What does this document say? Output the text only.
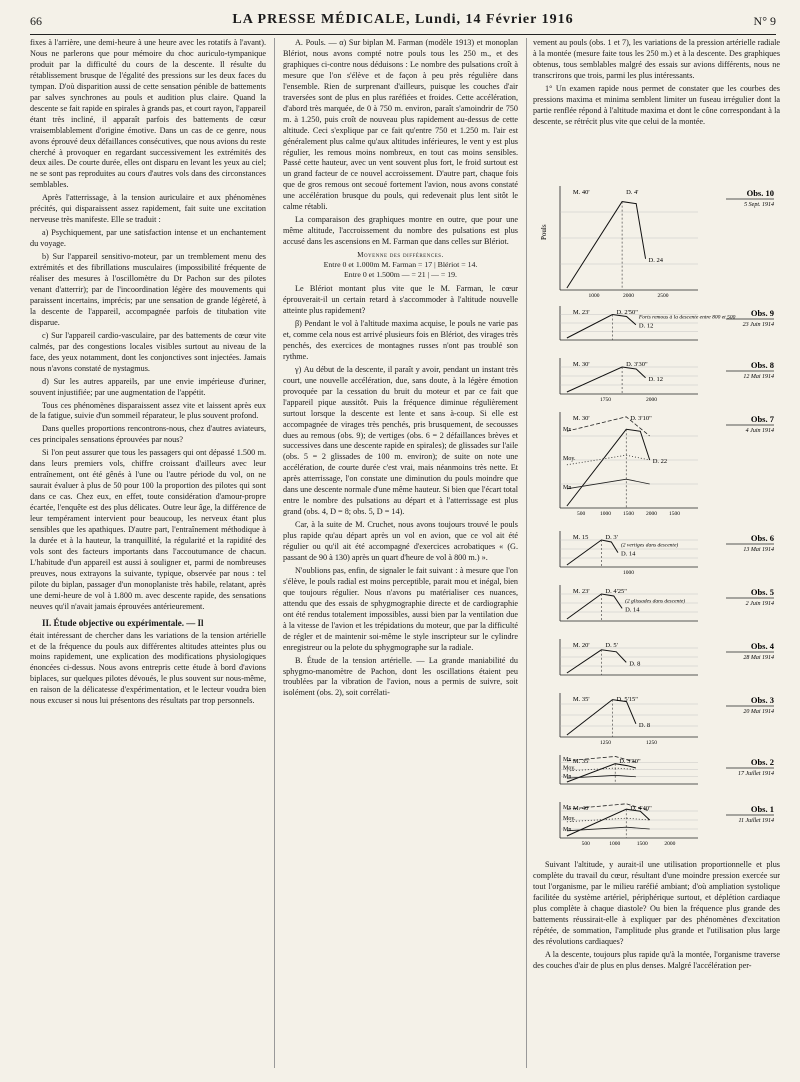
66	LA PRESSE MÉDICALE, Lundi, 14 Février 1916	N° 9

fixes à l'arrière, une demi-heure à une heure avec les rotatifs à l'avant). Nous ne parlerons que pour mémoire du choc auriculo-tympanique produit par la difficulté du cours de la descente. Il résulte du rétablissement brusque de l'égalité des pressions sur les deux faces du tympan. D'où disparition aussi de cette sensation pénible de battements par salves synchrones au pouls et audition plus claire. Quand la descente se fait rapide en spirales à grands pas, et court rayon, l'appareil étant très incliné, il apparaît parfois des battements de cœur vraisemblablement d'origine émotive. Dans un cas de ce genre, nous avons éprouvé deux défaillances consécutives, que nous avions du reste cherché à provoquer en regardant successivement les extrémités des deux ailes. De courte durée, elles ont disparu en levant les yeux au ciel; ne se sont pas reproduites au cours d'autres vols dans des circonstances semblables.

Après l'atterrissage, à la tension auriculaire et aux phénomènes précités, qui disparaissent assez rapidement, fait suite une excitation nerveuse très manifeste. Elle se traduit :

a) Psychiquement, par une satisfaction intense et un enchantement du voyage.

b) Sur l'appareil sensitivo-moteur, par un tremblement menu des extrémités et des fibrillations musculaires (impossibilité fréquente de réaliser des mesures à l'oscillomètre du Dr Pachon sur des pilotes venant d'atterrir); par de l'incoordination légère des mouvements qui paraissent incertains, imprécis; par une sensation de grande légèreté, à la descente de l'appareil, accompagnée parfois de titubation vite disparue.

c) Sur l'appareil cardio-vasculaire, par des battements de cœur vite calmés, par des congestions locales visibles surtout au niveau de la face, des yeux notamment, dont les conjonctives sont injectées. Jamais nous n'avons constaté de nystagmus.

d) Sur les autres appareils, par une envie impérieuse d'uriner, souvent injustifiée; par une augmentation de l'appétit.

Tous ces phénomènes disparaissent assez vite et laissent après eux de la fatigue, suivie d'un sommeil réparateur, le plus souvent profond.

Dans quelles proportions rencontrons-nous, chez d'autres aviateurs, ces principales sensations éprouvées par nous?

Si l'on peut assurer que tous les passagers qui ont dépassé 1.500 m. dans leurs premiers vols, chiffre croissant d'ailleurs avec leur entraînement, ont été gênés à l'une ou l'autre période du vol, on ne saurait évaluer à plus de 50 pour 100 la proportion des pilotes qui sont dans ce cas. Chez eux, en effet, toute considération d'amour-propre écartée, l'enquête est des plus délicates. Outre leur âge, la différence de leur tempérament intervient pour beaucoup, les nerveux étant plus sensibles que les apathiques. D'autre part, l'entraînement méthodique à la durée et à la hauteur, la tranquillité, la régularité et la rapidité des vols sont des facteurs importants dans l'accoutumance de chacun. L'habitude d'un appareil est aussi à souligner et, parmi de nombreuses preuves, nous extrayons la suivante, typique, observée par nous : tel pilote du biplan, passager d'un monoplaniste très habile, relatant, après une demi-heure de vol à 1.800 m. avec descente rapide, des sensations neuves qu'il n'avait jamais éprouvées antérieurement.

II. Étude objective ou expérimentale. — Il

était intéressant de chercher dans les variations de la tension artérielle et de la fréquence du pouls aux différentes altitudes atteintes plus ou moins rapidement, une explication des modifications physiologiques énoncées ci-dessus. Nous avons entrepris cette étude à bord d'avions biplaces, sur quelques pilotes dévoués, le plus souvent sur nous-même, en raison de la délicatesse d'expérimentation, et le lecteur voudra bien nous excuser si nous lui présentons des résultats par trop personnels.

A. Pouls. — α) Sur biplan M. Farman (modèle 1913) et monoplan Blériot, nous avons compté notre pouls tous les 250 m., et des graphiques ci-contre nous déduisons : Le nombre des pulsations croît à mesure que l'on s'élève et de façon à peu près régulière dans l'ensemble. Rien de surprenant d'ailleurs, puisque les couches d'air traversées sont de plus en plus raréfiées et froides. Cette accélération, d'abord très marquée, de 0 à 750 m. environ, paraît s'amoindrir de 750 m. à 1.250, puis croît de nouveau plus rapidement au-dessus de cette altitude. Ceci s'explique par ce fait qu'entre 750 et 1.250 m. l'air est généralement plus calme qu'aux altitudes inférieures, le vent y est plus régulier, les remous moins nombreux, en tout cas moins sensibles. Passé cette hauteur, avec un vent souvent plus fort, le froid surtout est un grand facteur de ce nouvel accroissement. D'autre part, chaque fois que de gros remous ont secoué fortement l'avion, nous avons constaté une accélération brusque du pouls, qui redevenait plus lent sitôt le calme rétabli.

La comparaison des graphiques montre en outre, que pour une même altitude, l'accroissement du nombre des pulsations est plus accusé dans les ascensions en M. Farman que dans celles sur Blériot.

Moyenne des différences.
Entre 0 et 1.000m M. Farman = 17 | Blériot = 14.
Entre 0 et 1.500m — = 21 | — = 19.

Le Blériot montant plus vite que le M. Farman, le cœur éprouverait-il un certain retard à s'accommoder à l'altitude nouvelle atteinte plus rapidement?

β) Pendant le vol à l'altitude maxima acquise, le pouls ne varie pas et, comme cela nous est arrivé plusieurs fois en Blériot, des virages très penchés, des exercices de montagnes russes n'ont pas troublé son rythme.

γ) Au début de la descente, il paraît y avoir, pendant un instant très court, une nouvelle accélération, due, sans doute, à la légère émotion provoquée par la cessation du bruit du moteur et par ce fait que l'appareil pique aussitôt. Puis la fréquence diminue régulièrement surtout lorsque la descente est lente et sans à-coup. Si elle est accompagnée de virages très penchés, pris brusquement, de secousses dues au remous (obs. 9); de vertiges (obs. 6 = 2 défaillances brèves et successives dans une descente rapide en spirales); de glissades sur l'aile (obs. 5 = 2 glissades de 100 m. environ); de suite on note une accélération, de courte durée c'est vrai, mais néanmoins très nette. Et après atterrissage, l'on constate une diminution du pouls moindre que dans une descente normale d'une même hauteur. Si bien que l'écart total entre le nombre des pulsations au départ et à l'atterrissage est plus grand (obs. 4, D = 8; obs. 5, D = 14).

Car, à la suite de M. Cruchet, nous avons toujours trouvé le pouls plus rapide qu'au départ après un vol en avion, que ce vol ait été régulier ou qu'il ait été accompagné d'exercices acrobatiques « (G. passant de 90 à 130) après un quart d'heure de vol à 800 m.) ».

N'oublions pas, enfin, de signaler le fait suivant : à mesure que l'on s'élève, le pouls radial est moins perceptible, parait mou et inégal, bien que toujours régulier. Nous n'avons pu matérialiser ces nuances, attendu que des essais de sphygmographie directe et de cardiographie ont été rendus totalement impossibles, aussi bien par la ventilation due à la vitesse de l'avion et les trépidations du moteur, que par la difficulté de régler et de maintenir soi-même le style inscripteur sur le cylindre enregistreur ou la pelote du sphygmographe sur la radiale.

B. Étude de la tension artérielle. — La grande maniabilité du sphygmo-manomètre de Pachon, dont les oscillations étaient peu troublées par la vibration de l'avion, nous a permis de suivre, soit isolément (obs. 2), soit corrélati-

vement au pouls (obs. 1 et 7), les variations de la pression artérielle radiale à la montée (mesure faite tous les 250 m.) et à la descente. Des graphiques obtenus, tous semblables malgré des essais sur avions différents, nous ne transcrirons que trois, parmi les plus intéressants.

1° Un examen rapide nous permet de constater que les courbes des pressions maxima et minima semblent limiter un fuseau irrégulier dont la partie renflée répond à l'altitude maxima et dont le cône correspondant à la descente, se rétrécit plus vite que celui de la montée.

M. 40'	D. 4'
D. 24
1000	2000	2500
Obs. 10
5 Sept. 1914
M. 23'	D. 2'50"
D. 12
Forts remous à la descente entre 800 et 500 Obs. 9
23 Juin 1914
M. 30'	D. 3'30"
D. 12
1750	2000
Obs. 8
12 Mai 1914
Mx
Moy.
Mn
M. 30'	D. 3'10"
D. 22
500	1000 1500 2000 1500
Obs. 7
4 Juin 1914
M. 15	D. 3'
D. 14
(2 vertiges dans descente)
1000
Obs. 6
13 Mai 1914
M. 23' D. 4'25"
D. 14
(2 glissades dans descente)
Obs. 5
2 Juin 1914
M. 20' D. 5'
D. 8
Obs. 4
28 Mai 1914
M. 35'	D. 5'15"
D. 8
1250	1250
Obs. 3
20 Mai 1914
Mx
Moy.
Mn
M. 35'	D. 3'30"	Obs. 2
17 Juillet 1914
Mx
Moy.
Mn
M. 40'	D. 4'40"
500	1000	1500	2000
Obs. 1
11 Juillet 1914
Pouls

Suivant l'altitude, y aurait-il une utilisation proportionnelle et plus complète du travail du cœur, résultant d'une moindre pression exercée sur tout l'organisme, par le milieu raréfié ambiant; d'où ampliation systolique facilitée du système artériel, périphérique surtout, et déplétion cardiaque plus complète à chaque diastole? Ou bien la fréquence plus grande des battements réussirait-elle à expliquer par des phénomènes d'excitation répétée, de sommation, l'amplitude plus grande et l'utilisation plus large des révolutions cardiaques?

A la descente, toujours plus rapide qu'à la montée, l'organisme traverse des couches d'air de plus en plus denses. Malgré l'accélération per-
